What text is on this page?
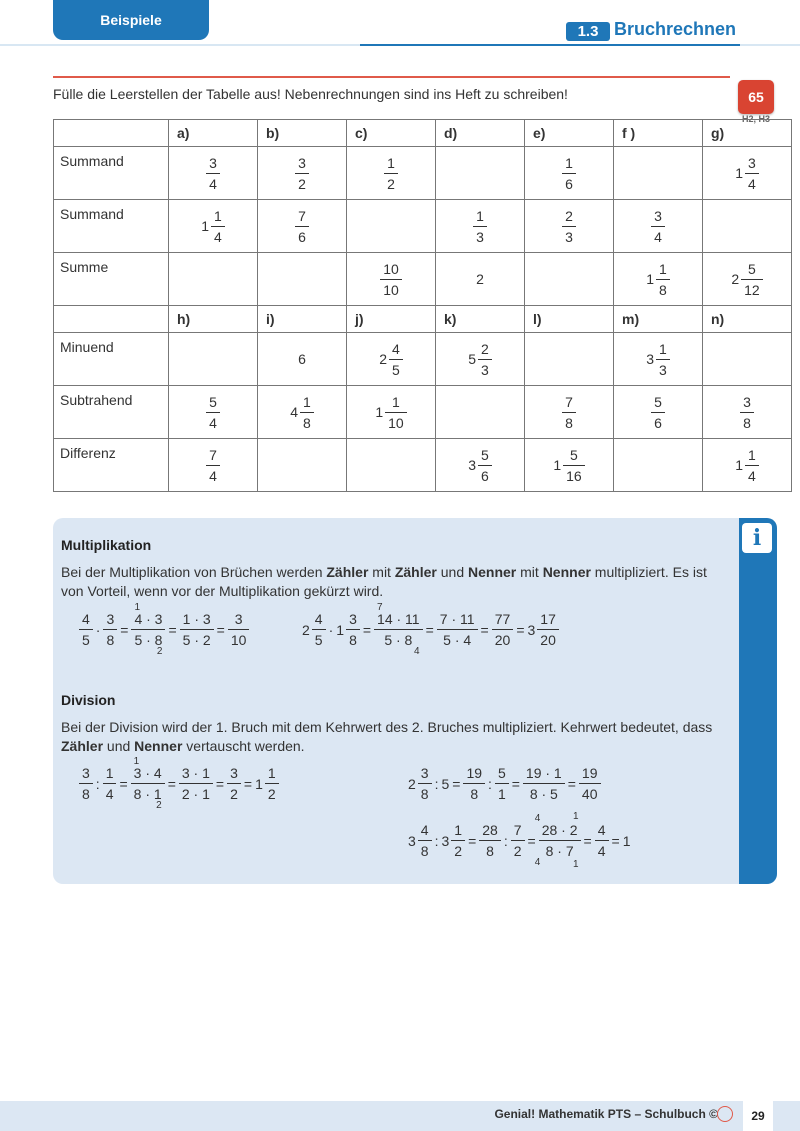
Beispiele
1.3 Bruchrechnen
65
H2, H3
Fülle die Leerstellen der Tabelle aus! Nebenrechnungen sind ins Heft zu schreiben!
	a)	b)	c)	d)	e)	f )	g)
Summand	$\frac{3}{4}$	$\frac{3}{2}$	$\frac{1}{2}$		$\frac{1}{6}$		$1 \frac{3}{4}$

Summand	$1 \frac{1}{4}$	$\frac{7}{6}$		$\frac{1}{3}$	$\frac{2}{3}$	$\frac{3}{4}$

Summe			$\frac{10}{10}$	2		$1 \frac{1}{8}$	$2 \frac{5}{12}$

	h)	i)	j)	k)	l)	m)	n)
Minuend		6	$2 \frac{4}{5}$	$5 \frac{2}{3}$		$3 \frac{1}{3}$

Subtrahend	$\frac{5}{4}$	$4 \frac{1}{8}$	$1 \frac{1}{10}$		$\frac{7}{8}$	$\frac{5}{6}$	$\frac{3}{8}$

Differenz	$\frac{7}{4}$			$3 \frac{5}{6}$	$1 \frac{5}{16}$		$1 \frac{1}{4}$
i
Multiplikation
Bei der Multiplikation von Brüchen werden Zähler mit Zähler und Nenner mit Nenner multipliziert. Es ist von Vorteil, wenn vor der Multiplikation gekürzt wird.
$\frac{4}{5} \cdot \frac{3}{8}$ =
4 · 3
5 · 8
1
2
= $\frac{1 \cdot 3}{5 \cdot 2} = \frac{3}{10}$	$2 \frac{4}{5} \cdot 1 \frac{3}{8}$ =
14 · 11
5 · 8
7
4
= $\frac{7 \cdot 11}{5 \cdot 4} = \frac{77}{20} = 3 \frac{17}{20}$
Division
Bei der Division wird der 1. Bruch mit dem Kehrwert des 2. Bruches multipliziert. Kehrwert bedeutet, dass Zähler und Nenner vertauscht werden.
$\frac{3}{8}$ : $\frac{1}{4}$ =
3 · 4
8 · 1
1
2
= $\frac{3 \cdot 1}{2 \cdot 1} = \frac{3}{2} = 1 \frac{1}{2}$	$2 \frac{3}{8}$ : $5 = \frac{19}{8}$ : $\frac{5}{1} = \frac{19 \cdot 1}{8 \cdot 5} = \frac{19}{40}$
$3 \frac{4}{8}$ : $3 \frac{1}{2} = \frac{28}{8}$ : $\frac{7}{2}$ =
28 · 2
8 · 7
4	1
4	1
= $\frac{4}{4} = 1$
Genial! Mathematik PTS – Schulbuch ©	29
